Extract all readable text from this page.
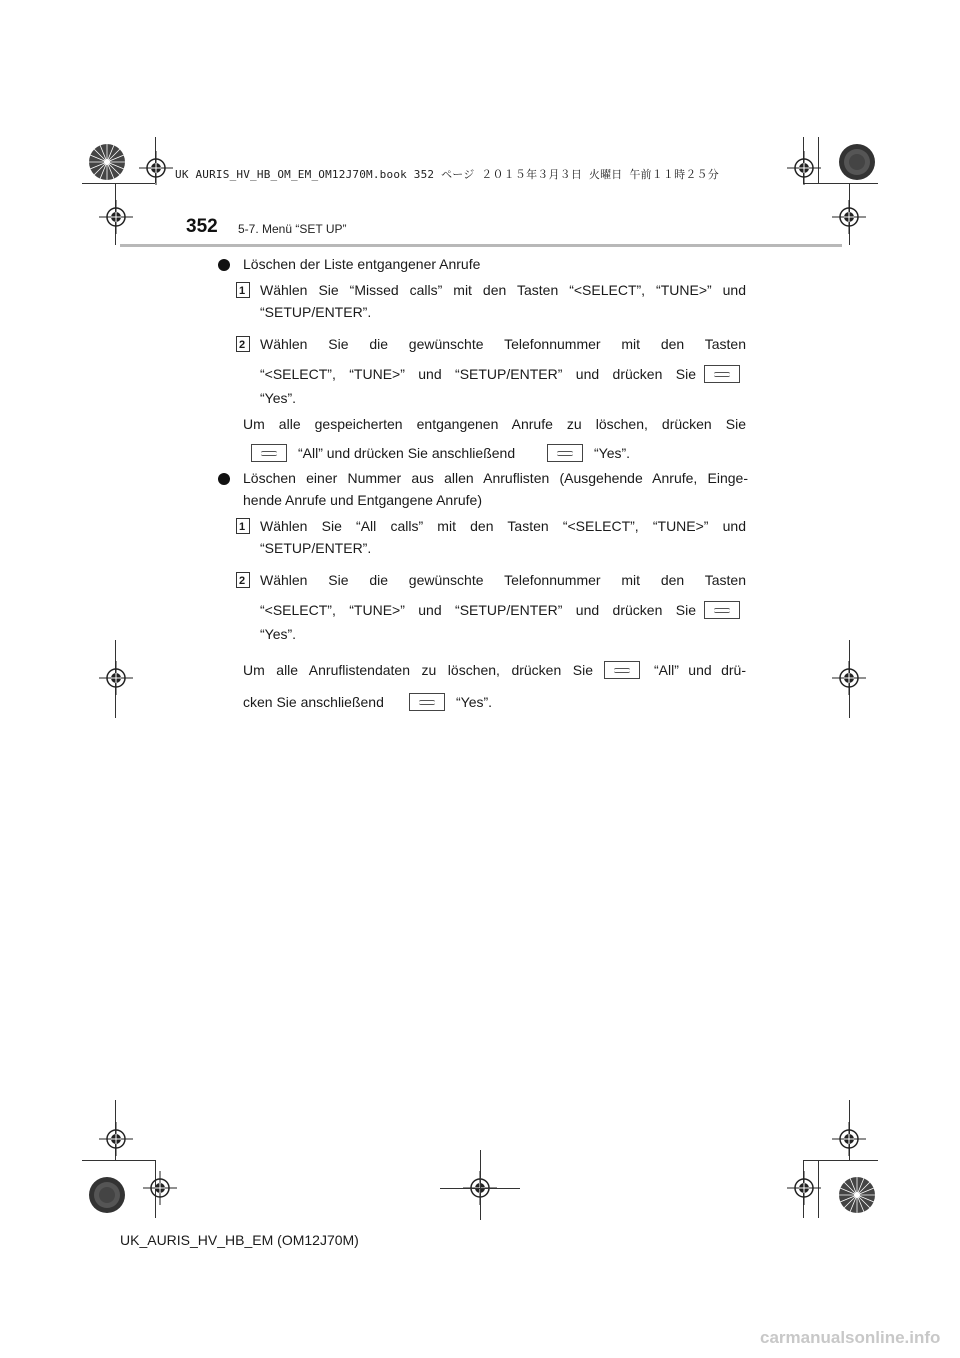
UK AURIS_HV_HB_OM_EM_OM12J70M.book 352 ページ ２０１５年３月３日 火曜日 午前１１時２５分
352 5-7. Menü “SET UP”
Löschen der Liste entgangener Anrufe
1	Wählen Sie “Missed calls” mit den Tasten “<SELECT”, “TUNE>” und
“SETUP/ENTER”.
2	Wählen Sie die gewünschte Telefonnummer mit den Tasten
“<SELECT”, “TUNE>” und “SETUP/ENTER” und drücken Sie
“Yes”.
Um alle gespeicherten entgangenen Anrufe zu löschen, drücken Sie
“All” und drücken Sie anschließend	“Yes”.
Löschen einer Nummer aus allen Anruflisten (Ausgehende Anrufe, Einge-
hende Anrufe und Entgangene Anrufe)
1	Wählen Sie “All calls” mit den Tasten “<SELECT”, “TUNE>” und
“SETUP/ENTER”.
2	Wählen Sie die gewünschte Telefonnummer mit den Tasten
“<SELECT”, “TUNE>” und “SETUP/ENTER” und drücken Sie
“Yes”.
Um alle Anruflistendaten zu löschen, drücken Sie	“All” und drü-
cken Sie anschließend	“Yes”.
UK_AURIS_HV_HB_EM (OM12J70M)
carmanualsonline.info
